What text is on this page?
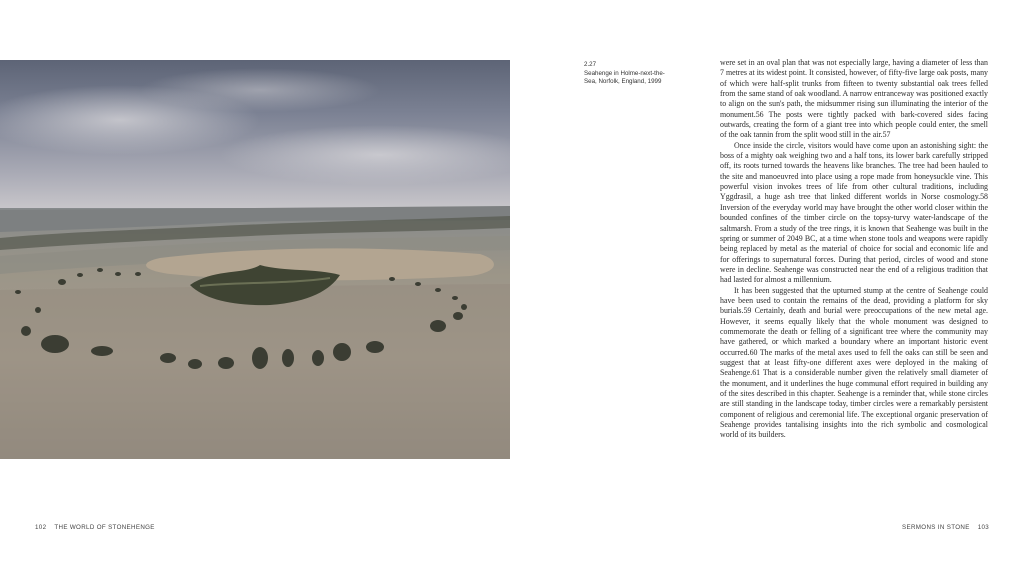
2.27
Seahenge in Holme-next-the-Sea, Norfolk, England, 1999

were set in an oval plan that was not especially large, having a diameter of less than 7 metres at its widest point. It consisted, however, of fifty-five large oak posts, many of which were half-split trunks from fifteen to twenty substantial oak trees felled from the same stand of oak woodland. A narrow entranceway was positioned exactly to align on the sun's path, the midsummer rising sun illuminating the interior of the monument.56 The posts were tightly packed with bark-covered sides facing outwards, creating the form of a giant tree into which people could enter, the smell of the oak tannin from the split wood still in the air.57

Once inside the circle, visitors would have come upon an astonishing sight: the boss of a mighty oak weighing two and a half tons, its lower bark carefully stripped off, its roots turned towards the heavens like branches. The tree had been hauled to the site and manoeuvred into place using a rope made from honeysuckle vine. This powerful vision invokes trees of life from other cultural traditions, including Yggdrasil, a huge ash tree that linked different worlds in Norse cosmology.58 Inversion of the everyday world may have brought the other world closer within the bounded confines of the timber circle on the topsy-turvy water-landscape of the saltmarsh. From a study of the tree rings, it is known that Seahenge was built in the spring or summer of 2049 BC, at a time when stone tools and weapons were rapidly being replaced by metal as the material of choice for social and economic life and for offerings to supernatural forces. During that period, circles of wood and stone were in decline. Seahenge was constructed near the end of a religious tradition that had lasted for almost a millennium.

It has been suggested that the upturned stump at the centre of Seahenge could have been used to contain the remains of the dead, providing a platform for sky burials.59 Certainly, death and burial were preoccupations of the new metal age. However, it seems equally likely that the whole monument was designed to commemorate the death or felling of a significant tree where the community may have gathered, or which marked a boundary where an important historic event occurred.60 The marks of the metal axes used to fell the oaks can still be seen and suggest that at least fifty-one different axes were deployed in the making of Seahenge.61 That is a considerable number given the relatively small diameter of the monument, and it underlines the huge communal effort required in building any of the sites described in this chapter. Seahenge is a reminder that, while stone circles are still standing in the landscape today, timber circles were a remarkably persistent component of religious and ceremonial life. The exceptional organic preservation of Seahenge provides tantalising insights into the rich symbolic and cosmological world of its builders.

102 THE WORLD OF STONEHENGE	SERMONS IN STONE 103
